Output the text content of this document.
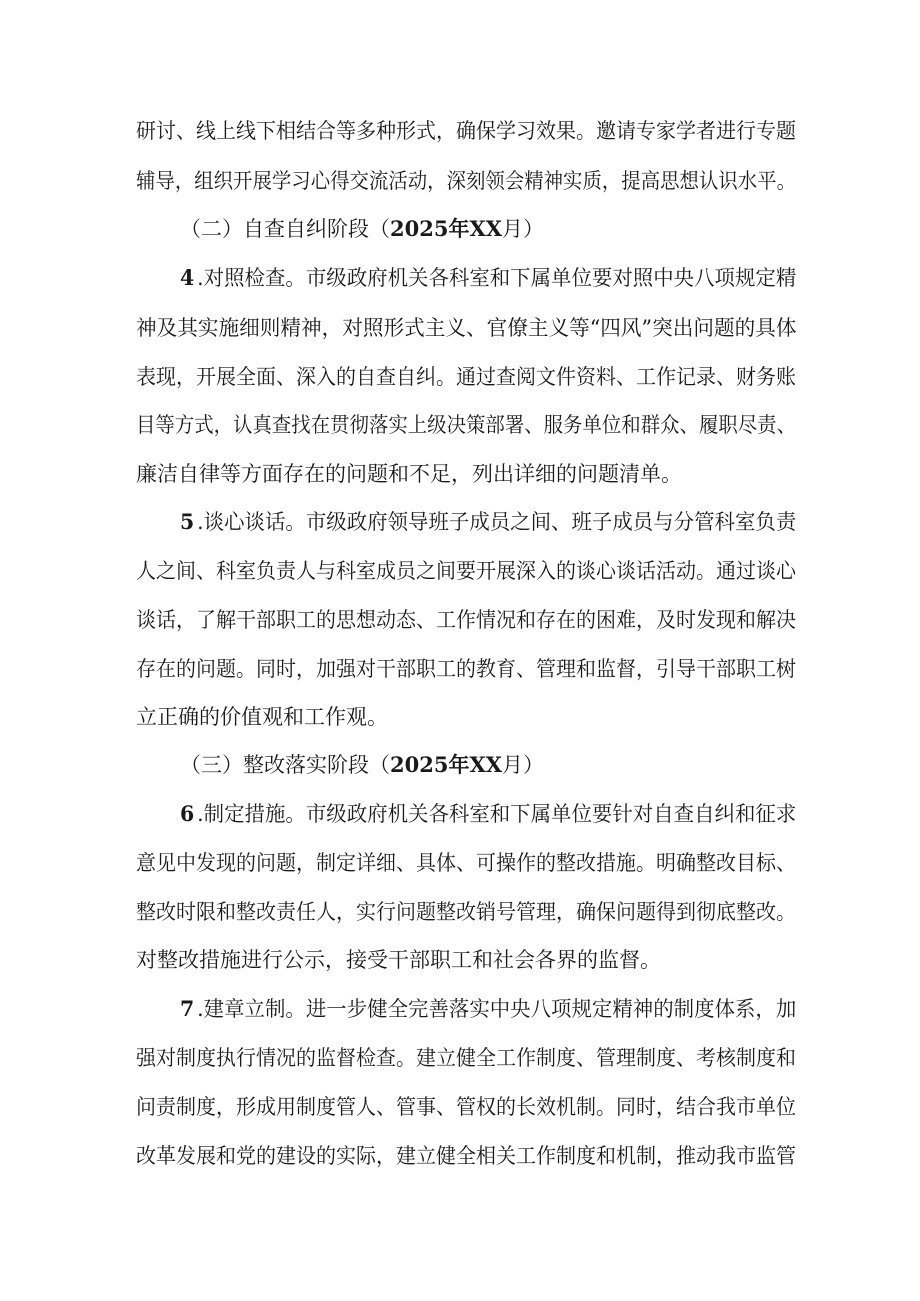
研讨、线上线下相结合等多种形式，确保学习效果。邀请专家学者进行专题
辅导，组织开展学习心得交流活动，深刻领会精神实质，提高思想认识水平。
（二）自查自纠阶段（2025年XX月）
4 .对照检查。市级政府机关各科室和下属单位要对照中央八项规定精
神及其实施细则精神，对照形式主义、官僚主义等“四风”突出问题的具体
表现，开展全面、深入的自查自纠。通过查阅文件资料、工作记录、财务账
目等方式，认真查找在贯彻落实上级决策部署、服务单位和群众、履职尽责、
廉洁自律等方面存在的问题和不足，列出详细的问题清单。
5 .谈心谈话。市级政府领导班子成员之间、班子成员与分管科室负责
人之间、科室负责人与科室成员之间要开展深入的谈心谈话活动。通过谈心
谈话，了解干部职工的思想动态、工作情况和存在的困难，及时发现和解决
存在的问题。同时，加强对干部职工的教育、管理和监督，引导干部职工树
立正确的价值观和工作观。
（三）整改落实阶段（2025年XX月）
6 .制定措施。市级政府机关各科室和下属单位要针对自查自纠和征求
意见中发现的问题，制定详细、具体、可操作的整改措施。明确整改目标、
整改时限和整改责任人，实行问题整改销号管理，确保问题得到彻底整改。
对整改措施进行公示，接受干部职工和社会各界的监督。
7 .建章立制。进一步健全完善落实中央八项规定精神的制度体系，加
强对制度执行情况的监督检查。建立健全工作制度、管理制度、考核制度和
问责制度，形成用制度管人、管事、管权的长效机制。同时，结合我市单位
改革发展和党的建设的实际，建立健全相关工作制度和机制，推动我市监管
